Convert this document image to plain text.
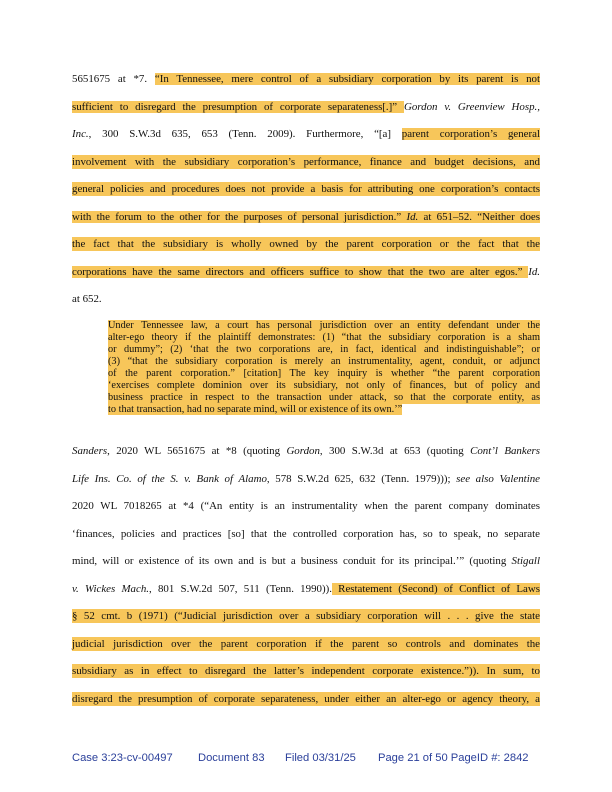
5651675 at *7. “In Tennessee, mere control of a subsidiary corporation by its parent is not
sufficient to disregard the presumption of corporate separateness[.]” Gordon v. Greenview Hosp.,
Inc., 300 S.W.3d 635, 653 (Tenn. 2009). Furthermore, “[a] parent corporation’s general
involvement with the subsidiary corporation’s performance, finance and budget decisions, and
general policies and procedures does not provide a basis for attributing one corporation’s contacts
with the forum to the other for the purposes of personal jurisdiction.” Id. at 651–52. “Neither does
the fact that the subsidiary is wholly owned by the parent corporation or the fact that the
corporations have the same directors and officers suffice to show that the two are alter egos.” Id.
at 652.
Under Tennessee law, a court has personal jurisdiction over an entity defendant under the
alter-ego theory if the plaintiff demonstrates: (1) “that the subsidiary corporation is a sham
or dummy”; (2) ‘that the two corporations are, in fact, identical and indistinguishable”; or
(3) “that the subsidiary corporation is merely an instrumentality, agent, conduit, or adjunct
of the parent corporation.” [citation] The key inquiry is whether “the parent corporation
‘exercises complete dominion over its subsidiary, not only of finances, but of policy and
business practice in respect to the transaction under attack, so that the corporate entity, as
to that transaction, had no separate mind, will or existence of its own.’”
Sanders, 2020 WL 5651675 at *8 (quoting Gordon, 300 S.W.3d at 653 (quoting Cont’l Bankers
Life Ins. Co. of the S. v. Bank of Alamo, 578 S.W.2d 625, 632 (Tenn. 1979))); see also Valentine
2020 WL 7018265 at *4 (“An entity is an instrumentality when the parent company dominates
‘finances, policies and practices [so] that the controlled corporation has, so to speak, no separate
mind, will or existence of its own and is but a business conduit for its principal.’” (quoting Stigall
v. Wickes Mach., 801 S.W.2d 507, 511 (Tenn. 1990)). Restatement (Second) of Conflict of Laws
§ 52 cmt. b (1971) (“Judicial jurisdiction over a subsidiary corporation will . . . give the state
judicial jurisdiction over the parent corporation if the parent so controls and dominates the
subsidiary as in effect to disregard the latter’s independent corporate existence.”)). In sum, to
disregard the presumption of corporate separateness, under either an alter-ego or agency theory, a
Case 3:23-cv-00497 Document 83 Filed 03/31/25 Page 21 of 50 PageID #: 2842
